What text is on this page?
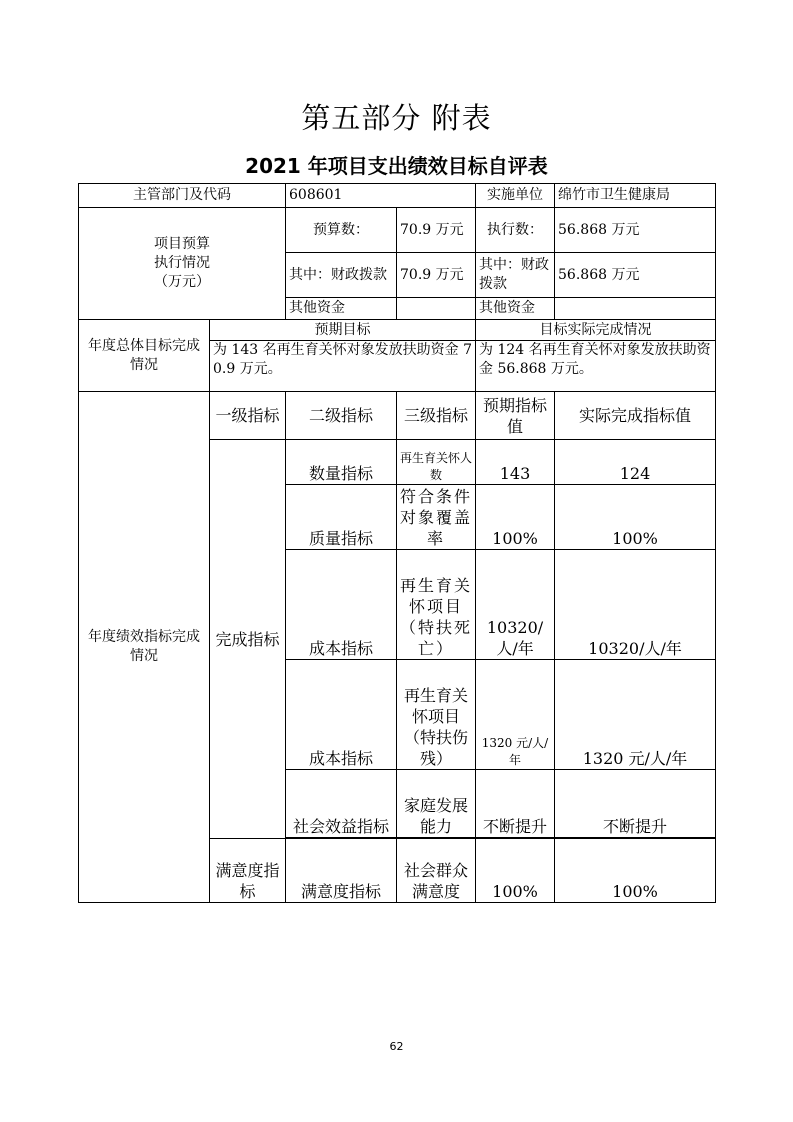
第五部分 附表
2021 年项目支出绩效目标自评表
主管部门及代码		608601		实施单位	绵竹市卫生健康局

项目预算
执行情况
（万元）		预算数：	70.9 万元	执行数：	56.868 万元
		其中：财政拨款	70.9 万元	其中：财政拨款	56.868 万元
		其他资金		其他资金	
年度总体目标完成情况	预期目标			目标实际完成情况	
	为 143 名再生育关怀对象发放扶助资金 70.9 万元。			为 124 名再生育关怀对象发放扶助资金 56.868 万元。	
年度绩效指标完成情况	一级指标	二级指标	三级指标	预期指标值	实际完成指标值
	完成指标	数量指标	再生育关怀人数	143	124
		质量指标	符合条件对象覆盖率	100%	100%
		成本指标	再生育关怀项目（特扶死亡）	10320/人/年	10320/人/年
		成本指标	再生育关怀项目（特扶伤残）	1320 元/人/年	1320 元/人/年
		社会效益指标	家庭发展能力	不断提升	不断提升

	满意度指标	满意度指标	社会群众满意度	100%	100%
62
